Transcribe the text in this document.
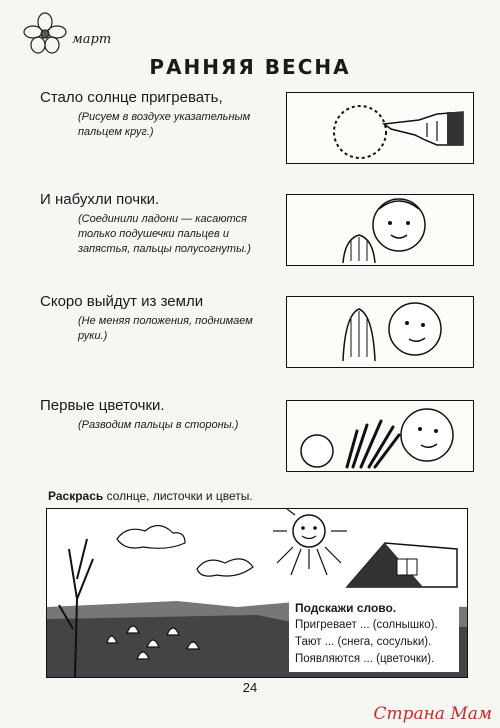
март
РАННЯЯ ВЕСНА
Стало солнце пригревать,
(Рисуем в воздухе указательным пальцем круг.)
И набухли почки.
(Соединили ладони — касаются только подушечки пальцев и запястья, пальцы полусогнуты.)
Скоро выйдут из земли
(Не меняя положения, поднимаем руки.)
Первые цветочки.
(Разводим пальцы в стороны.)
Раскрась солнце, листочки и цветы.
Подскажи слово.
Пригревает ... (солнышко).
Тают ... (снега, сосульки).
Появляются ... (цветочки).
24
Страна Мам
